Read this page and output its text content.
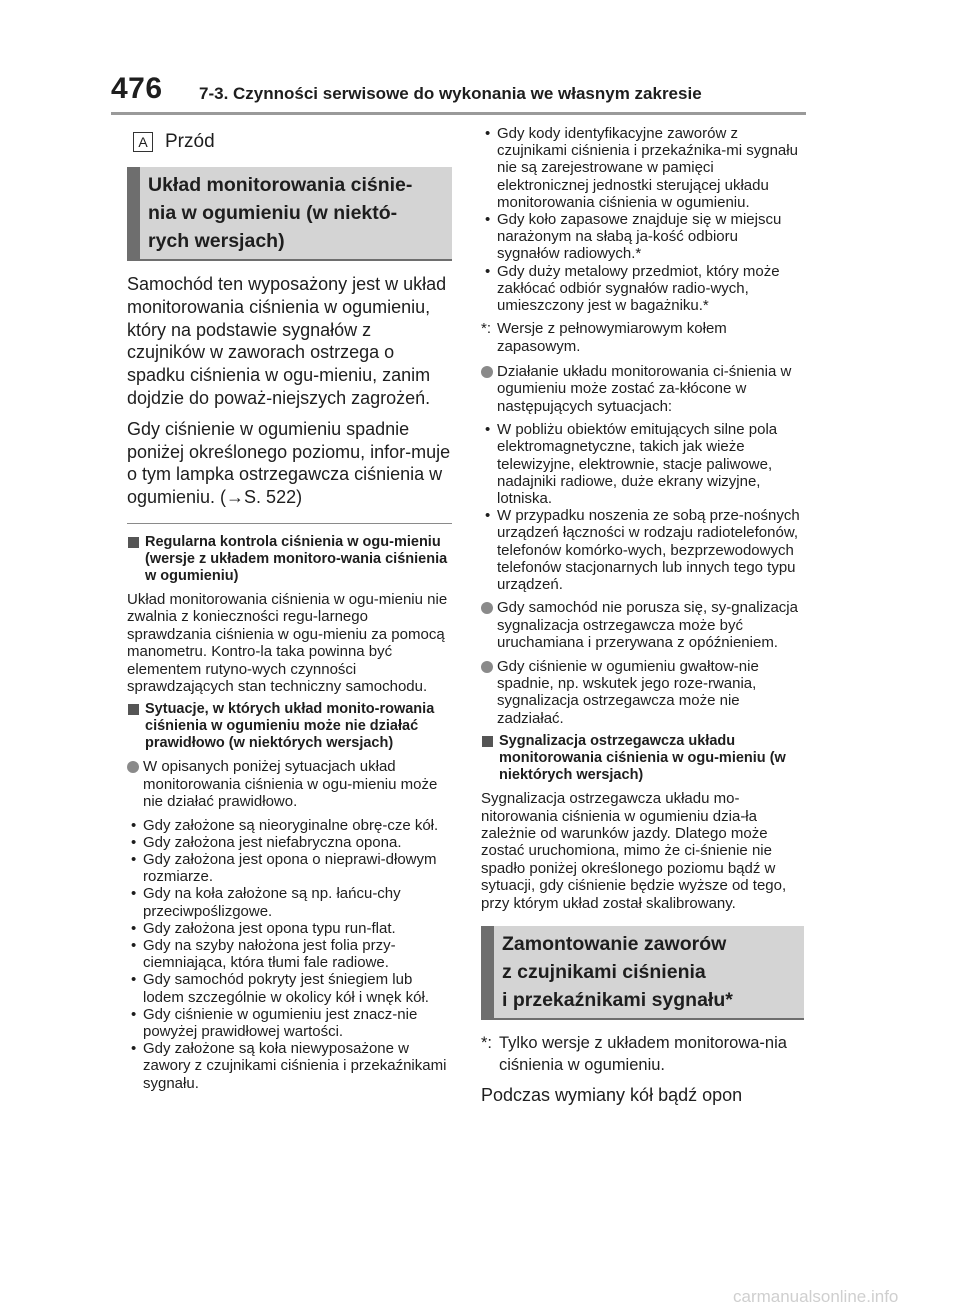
476 7-3. Czynności serwisowe do wykonania we własnym zakresie
A Przód
Układ monitorowania ciśnie-
nia w ogumieniu (w niektó-
rych wersjach)

Samochód ten wyposażony jest w układ monitorowania ciśnienia w ogumieniu, który na podstawie sygnałów z czujników w zaworach ostrzega o spadku ciśnienia w ogu-mieniu, zanim dojdzie do poważ-niejszych zagrożeń.

Gdy ciśnienie w ogumieniu spadnie poniżej określonego poziomu, infor-muje o tym lampka ostrzegawcza ciśnienia w ogumieniu. (→S. 522)

Regularna kontrola ciśnienia w ogu-mieniu (wersje z układem monitoro-wania ciśnienia w ogumieniu)

Układ monitorowania ciśnienia w ogu-mieniu nie zwalnia z konieczności regu-larnego sprawdzania ciśnienia w ogu-mieniu za pomocą manometru. Kontro-la taka powinna być elementem rutyno-wych czynności sprawdzających stan techniczny samochodu.

Sytuacje, w których układ monito-rowania ciśnienia w ogumieniu może nie działać prawidłowo (w niektórych wersjach)
W opisanych poniżej sytuacjach układ monitorowania ciśnienia w ogu-mieniu może nie działać prawidłowo.
• Gdy założone są nieoryginalne obrę-cze kół.
• Gdy założona jest niefabryczna opona.
• Gdy założona jest opona o nieprawi-dłowym rozmiarze.
• Gdy na koła założone są np. łańcu-chy przeciwpoślizgowe.
• Gdy założona jest opona typu run-flat.
• Gdy na szyby nałożona jest folia przy-ciemniająca, która tłumi fale radiowe.
• Gdy samochód pokryty jest śniegiem lub lodem szczególnie w okolicy kół i wnęk kół.
• Gdy ciśnienie w ogumieniu jest znacz-nie powyżej prawidłowej wartości.
• Gdy założone są koła niewyposażone w zawory z czujnikami ciśnienia i przekaźnikami sygnału.
• Gdy kody identyfikacyjne zaworów z czujnikami ciśnienia i przekaźnika-mi sygnału nie są zarejestrowane w pamięci elektronicznej jednostki sterującej układu monitorowania ciśnienia w ogumieniu.
• Gdy koło zapasowe znajduje się w miejscu narażonym na słabą ja-kość odbioru sygnałów radiowych.*
• Gdy duży metalowy przedmiot, który może zakłócać odbiór sygnałów radio-wych, umieszczony jest w bagażniku.*
*: Wersje z pełnowymiarowym kołem zapasowym.
Działanie układu monitorowania ci-śnienia w ogumieniu może zostać za-kłócone w następujących sytuacjach:
• W pobliżu obiektów emitujących silne pola elektromagnetyczne, takich jak wieże telewizyjne, elektrownie, stacje paliwowe, nadajniki radiowe, duże ekrany wizyjne, lotniska.
• W przypadku noszenia ze sobą prze-nośnych urządzeń łączności w rodzaju radiotelefonów, telefonów komórko-wych, bezprzewodowych telefonów stacjonarnych lub innych tego typu urządzeń.
Gdy samochód nie porusza się, sy-gnalizacja sygnalizacja ostrzegawcza może być uruchamiana i przerywana z opóźnieniem.
Gdy ciśnienie w ogumieniu gwałtow-nie spadnie, np. wskutek jego roze-rwania, sygnalizacja ostrzegawcza może nie zadziałać.
Sygnalizacja ostrzegawcza układu monitorowania ciśnienia w ogu-mieniu (w niektórych wersjach)

Sygnalizacja ostrzegawcza układu mo-nitorowania ciśnienia w ogumieniu dzia-ła zależnie od warunków jazdy. Dlatego może zostać uruchomiona, mimo że ci-śnienie nie spadło poniżej określonego poziomu bądź w sytuacji, gdy ciśnienie będzie wyższe od tego, przy którym układ został skalibrowany.

Zamontowanie zaworów
z czujnikami ciśnienia
i przekaźnikami sygnału*
*: Tylko wersje z układem monitorowa-nia ciśnienia w ogumieniu.

Podczas wymiany kół bądź opon

carmanualsonline.info
